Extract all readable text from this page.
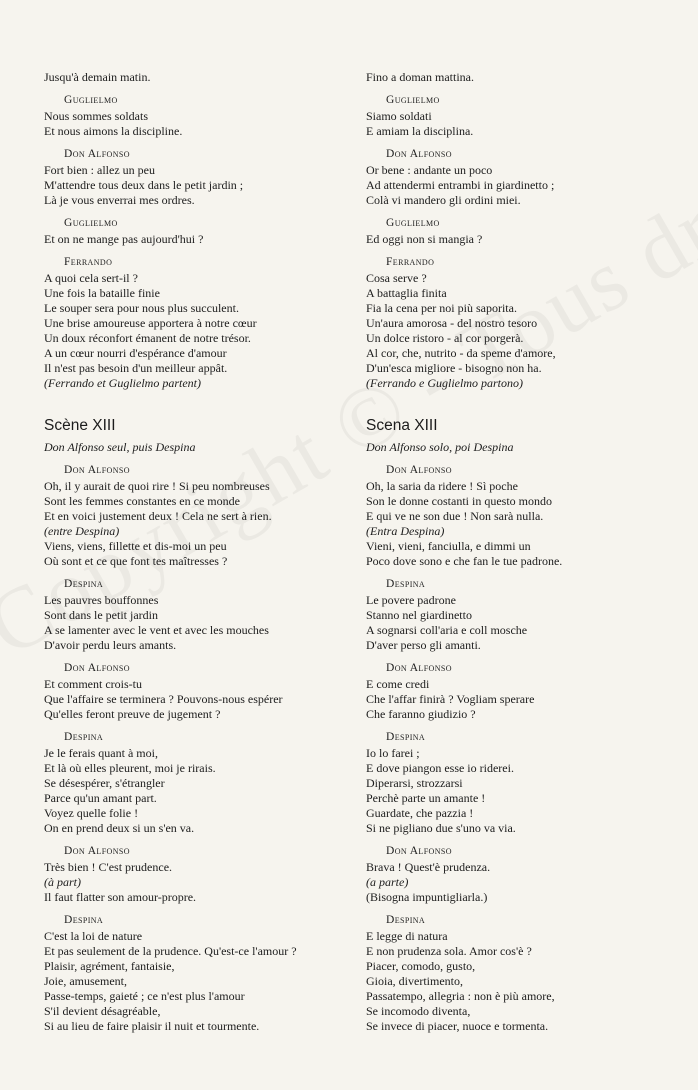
Jusqu'à demain matin.
Guglielmo
Nous sommes soldats
Et nous aimons la discipline.
Don Alfonso
Fort bien : allez un peu
M'attendre tous deux dans le petit jardin ;
Là je vous enverrai mes ordres.
Guglielmo
Et on ne mange pas aujourd'hui ?
Ferrando
A quoi cela sert-il ?
Une fois la bataille finie
Le souper sera pour nous plus succulent.
Une brise amoureuse apportera à notre cœur
Un doux réconfort émanent de notre trésor.
A un cœur nourri d'espérance d'amour
Il n'est pas besoin d'un meilleur appât.
(Ferrando et Guglielmo partent)
Scène XIII
Don Alfonso seul, puis Despina
Don Alfonso
Oh, il y aurait de quoi rire ! Si peu nombreuses
Sont les femmes constantes en ce monde
Et en voici justement deux ! Cela ne sert à rien.
(entre Despina)
Viens, viens, fillette et dis-moi un peu
Où sont et ce que font tes maîtresses ?
Despina
Les pauvres bouffonnes
Sont dans le petit jardin
A se lamenter avec le vent et avec les mouches
D'avoir perdu leurs amants.
Don Alfonso
Et comment crois-tu
Que l'affaire se terminera ? Pouvons-nous espérer
Qu'elles feront preuve de jugement ?
Despina
Je le ferais quant à moi,
Et là où elles pleurent, moi je rirais.
Se désespérer, s'étrangler
Parce qu'un amant part.
Voyez quelle folie !
On en prend deux si un s'en va.
Don Alfonso
Très bien ! C'est prudence.
(à part)
Il faut flatter son amour-propre.
Despina
C'est la loi de nature
Et pas seulement de la prudence. Qu'est-ce l'amour ?
Plaisir, agrément, fantaisie,
Joie, amusement,
Passe-temps, gaieté ; ce n'est plus l'amour
S'il devient désagréable,
Si au lieu de faire plaisir il nuit et tourmente.
Fino a doman mattina.
Guglielmo
Siamo soldati
E amiam la disciplina.
Don Alfonso
Or bene : andante un poco
Ad attendermi entrambi in giardinetto ;
Colà vi mandero gli ordini miei.
Guglielmo
Ed oggi non si mangia ?
Ferrando
Cosa serve ?
A battaglia finita
Fia la cena per noi più saporita.
Un'aura amorosa - del nostro tesoro
Un dolce ristoro - al cor porgerà.
Al cor, che, nutrito - da speme d'amore,
D'un'esca migliore - bisogno non ha.
(Ferrando e Guglielmo partono)
Scena XIII
Don Alfonso solo, poi Despina
Don Alfonso
Oh, la saria da ridere ! Sì poche
Son le donne costanti in questo mondo
E qui ve ne son due ! Non sarà nulla.
(Entra Despina)
Vieni, vieni, fanciulla, e dimmi un
Poco dove sono e che fan le tue padrone.
Despina
Le povere padrone
Stanno nel giardinetto
A sognarsi coll'aria e coll mosche
D'aver perso gli amanti.
Don Alfonso
E come credi
Che l'affar finirà ? Vogliam sperare
Che faranno giudizio ?
Despina
Io lo farei ;
E dove piangon esse io riderei.
Diperarsi, strozzarsi
Perchè parte un amante !
Guardate, che pazzia !
Si ne pigliano due s'uno va via.
Don Alfonso
Brava ! Quest'è prudenza.
(a parte)
(Bisogna impuntigliarla.)
Despina
E legge di natura
E non prudenza sola. Amor cos'è ?
Piacer, comodo, gusto,
Gioia, divertimento,
Passatempo, allegria : non è più amore,
Se incomodo diventa,
Se invece di piacer, nuoce e tormenta.
